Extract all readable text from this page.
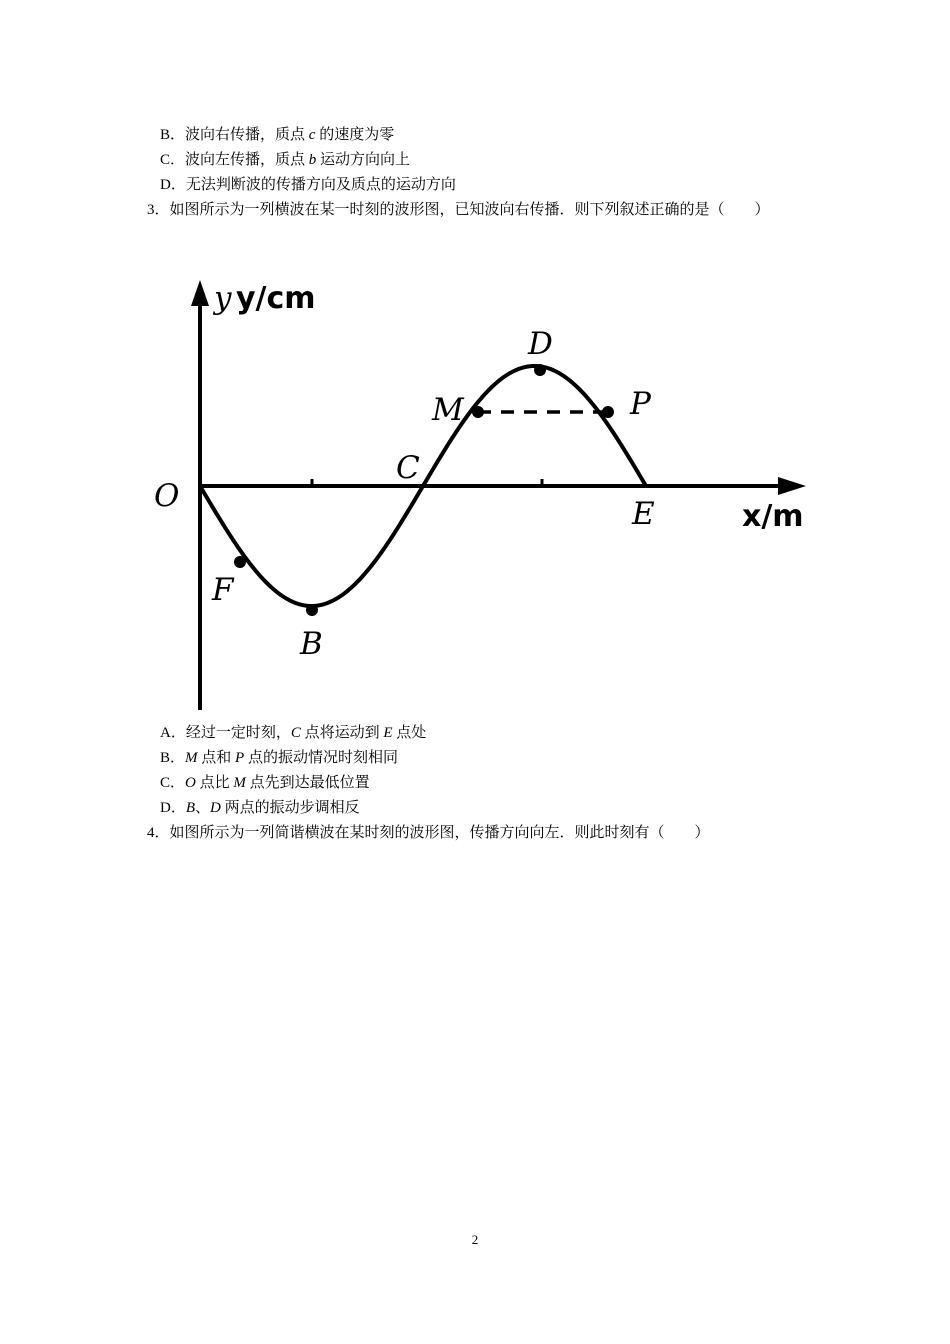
B．波向右传播，质点 c 的速度为零
C．波向左传播，质点 b 运动方向向上
D．无法判断波的传播方向及质点的运动方向
3．如图所示为一列横波在某一时刻的波形图，已知波向右传播．则下列叙述正确的是（　　）
y y/cm
x/m
O
F
B
C
M
D
P
E
A．经过一定时刻，C 点将运动到 E 点处
B．M 点和 P 点的振动情况时刻相同
C．O 点比 M 点先到达最低位置
D．B、D 两点的振动步调相反
4．如图所示为一列简谐横波在某时刻的波形图，传播方向向左．则此时刻有（　　）
2
